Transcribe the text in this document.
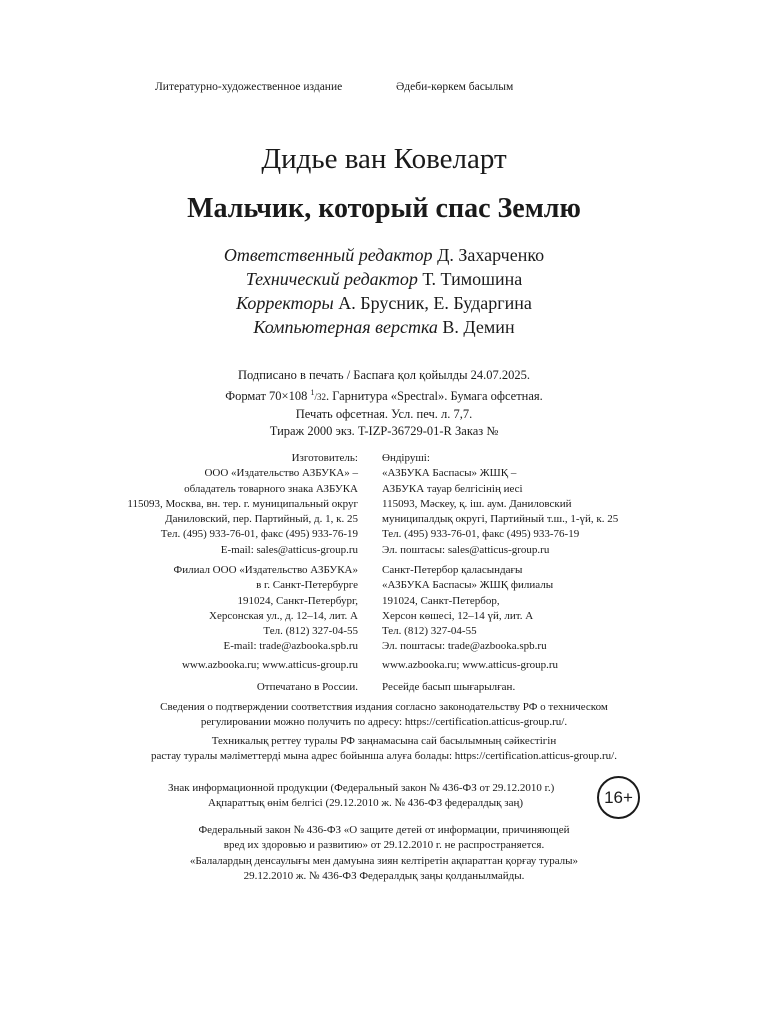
Литературно-художественное издание	Әдеби-көркем басылым
Дидье ван Ковеларт
Мальчик, который спас Землю
Ответственный редактор Д. Захарченко
Технический редактор Т. Тимошина
Корректоры А. Брусник, Е. Бударгина
Компьютерная верстка В. Демин
Подписано в печать / Баспаға қол қойылды 24.07.2025.
Формат 70×108 $^1$/32. Гарнитура «Spectral». Бумага офсетная.
Печать офсетная. Усл. печ. л. 7,7.
Тираж 2000 экз. T-IZP-36729-01-R Заказ №
Изготовитель:
ООО «Издательство АЗБУКА» –
обладатель товарного знака АЗБУКА
115093, Москва, вн. тер. г. муниципальный округ
Даниловский, пер. Партийный, д. 1, к. 25
Тел. (495) 933-76-01, факс (495) 933-76-19
E-mail: sales@atticus-group.ru
Өндіруші:
«АЗБУКА Баспасы» ЖШҚ –
АЗБУКА тауар белгісінің иесі
115093, Мәскеу, қ. іш. аум. Даниловский
муниципалдық округі, Партийный т.ш., 1-үй, к. 25
Тел. (495) 933-76-01, факс (495) 933-76-19
Эл. поштасы: sales@atticus-group.ru
Филиал ООО «Издательство АЗБУКА»
в г. Санкт-Петербурге
191024, Санкт-Петербург,
Херсонская ул., д. 12–14, лит. А
Тел. (812) 327-04-55
E-mail: trade@azbooka.spb.ru
Санкт-Петербор қаласындағы
«АЗБУКА Баспасы» ЖШҚ филиалы
191024, Санкт-Петербор,
Херсон көшесі, 12–14 үй, лит. А
Тел. (812) 327-04-55
Эл. поштасы: trade@azbooka.spb.ru
www.azbooka.ru; www.atticus-group.ru www.azbooka.ru; www.atticus-group.ru
Отпечатано в России. Ресейде басып шығарылған.
Сведения о подтверждении соответствия издания согласно законодательству РФ о техническом
регулировании можно получить по адресу: https://certification.atticus-group.ru/.
Техникалық реттеу туралы РФ заңнамасына сай басылымның сәйкестігін
растау туралы мәліметтерді мына адрес бойынша алуға болады: https://certification.atticus-group.ru/.
Знак информационной продукции (Федеральный закон № 436-ФЗ от 29.12.2010 г.)
Ақпараттық өнім белгісі (29.12.2010 ж. № 436-ФЗ федералдық заң)	16+
Федеральный закон № 436-ФЗ «О защите детей от информации, причиняющей
вред их здоровью и развитию» от 29.12.2010 г. не распространяется.
«Балалардың денсаулығы мен дамуына зиян келтіретін ақпараттан қорғау туралы»
29.12.2010 ж. № 436-ФЗ Федералдық заңы қолданылмайды.
